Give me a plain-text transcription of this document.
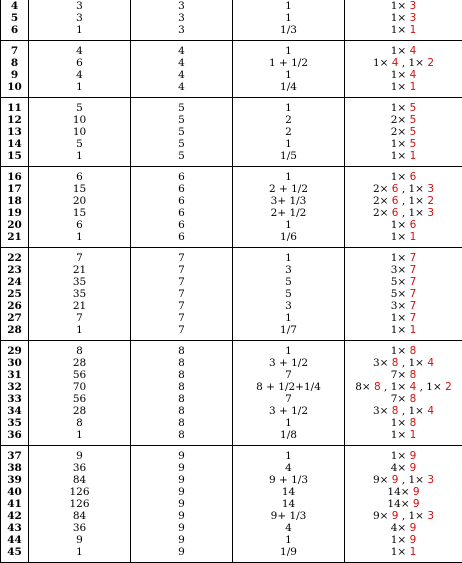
4	3	3	1	1× 3
5	3	3	1	1× 3
6	1	3	1/3	1× 1
7	4	4	1	1× 4
8	6	4	1 + 1/2	1× 4 , 1× 2
9	4	4	1	1× 4
10	1	4	1/4	1× 1
11	5	5	1	1× 5
12	10	5	2	2× 5
13	10	5	2	2× 5
14	5	5	1	1× 5
15	1	5	1/5	1× 1
16	6	6	1	1× 6
17	15	6	2 + 1/2	2× 6 , 1× 3
18	20	6	3+ 1/3	2× 6 , 1× 2
19	15	6	2+ 1/2	2× 6 , 1× 3
20	6	6	1	1× 6
21	1	6	1/6	1× 1
22	7	7	1	1× 7
23	21	7	3	3× 7
24	35	7	5	5× 7
25	35	7	5	5× 7
26	21	7	3	3× 7
27	7	7	1	1× 7
28	1	7	1/7	1× 1
29	8	8	1	1× 8
30	28	8	3 + 1/2	3× 8 , 1× 4
31	56	8	7	7× 8
32	70	8	8 + 1/2+1/4	8× 8 , 1× 4 , 1× 2
33	56	8	7	7× 8
34	28	8	3 + 1/2	3× 8 , 1× 4
35	8	8	1	1× 8
36	1	8	1/8	1× 1
37	9	9	1	1× 9
38	36	9	4	4× 9
39	84	9	9 + 1/3	9× 9 , 1× 3
40	126	9	14	14× 9
41	126	9	14	14× 9
42	84	9	9+ 1/3	9× 9 , 1× 3
43	36	9	4	4× 9
44	9	9	1	1× 9
45	1	9	1/9	1× 1
